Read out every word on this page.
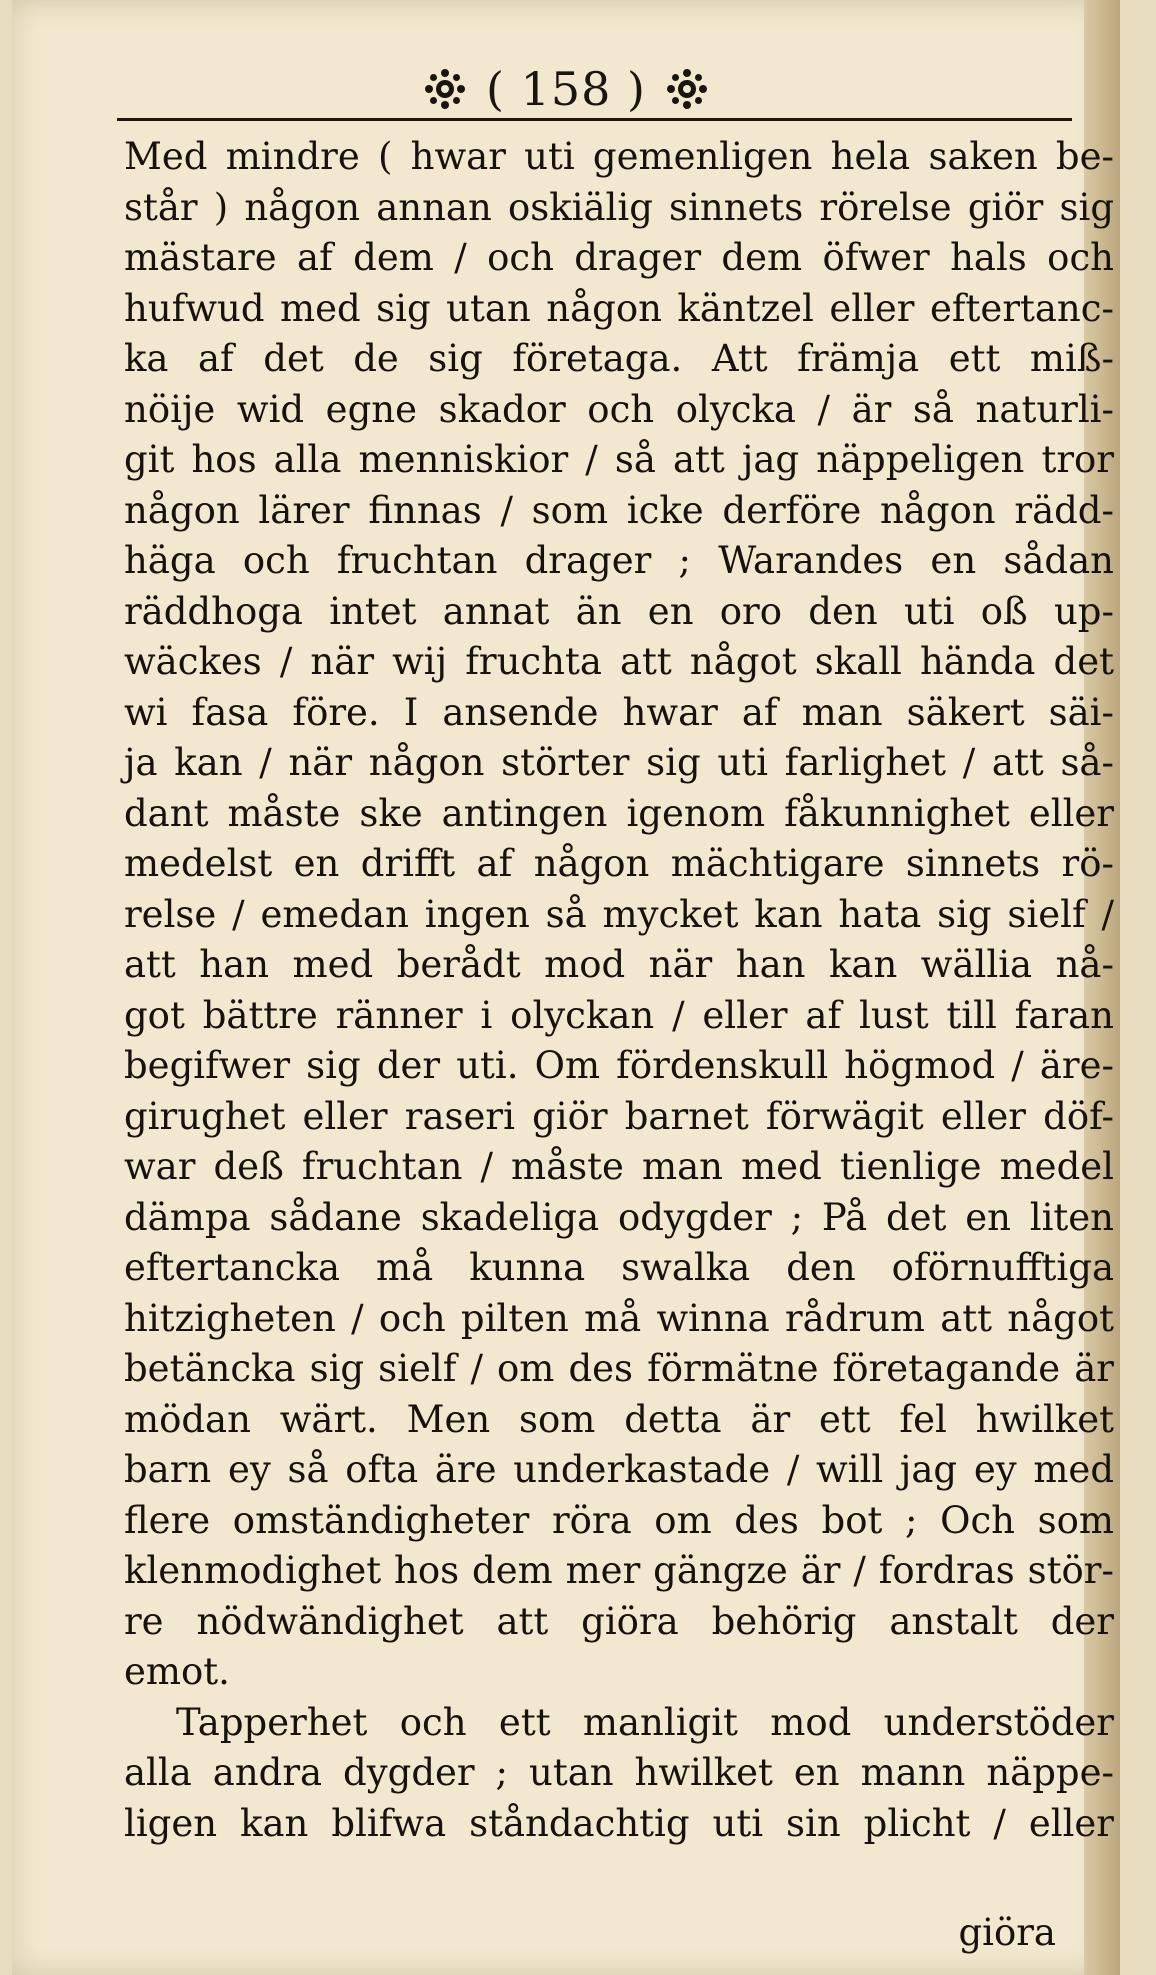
( 158 )
Med mindre ( hwar uti gemenligen hela saken be-
står ) någon annan oskiälig sinnets rörelse giör sig
mästare af dem / och drager dem öfwer hals och
hufwud med sig utan någon käntzel eller eftertanc-
ka af det de sig företaga. Att främja ett miß-
nöije wid egne skador och olycka / är så naturli-
git hos alla menniskior / så att jag näppeligen tror
någon lärer finnas / som icke derföre någon rädd-
häga och fruchtan drager ; Warandes en sådan
räddhoga intet annat än en oro den uti oß up-
wäckes / när wij fruchta att något skall hända det
wi fasa före. I ansende hwar af man säkert säi-
ja kan / när någon störter sig uti farlighet / att så-
dant måste ske antingen igenom fåkunnighet eller
medelst en drifft af någon mächtigare sinnets rö-
relse / emedan ingen så mycket kan hata sig sielf /
att han med berådt mod när han kan wällia nå-
got bättre ränner i olyckan / eller af lust till faran
begifwer sig der uti. Om fördenskull högmod / äre-
girughet eller raseri giör barnet förwägit eller döf-
war deß fruchtan / måste man med tienlige medel
dämpa sådane skadeliga odygder ; På det en liten
eftertancka må kunna swalka den oförnufftiga
hitzigheten / och pilten må winna rådrum att något
betäncka sig sielf / om des förmätne företagande är
mödan wärt. Men som detta är ett fel hwilket
barn ey så ofta äre underkastade / will jag ey med
flere omständigheter röra om des bot ; Och som
klenmodighet hos dem mer gängze är / fordras stör-
re nödwändighet att giöra behörig anstalt der
emot.
Tapperhet och ett manligit mod understöder
alla andra dygder ; utan hwilket en mann näppe-
ligen kan blifwa ståndachtig uti sin plicht / eller
giöra
